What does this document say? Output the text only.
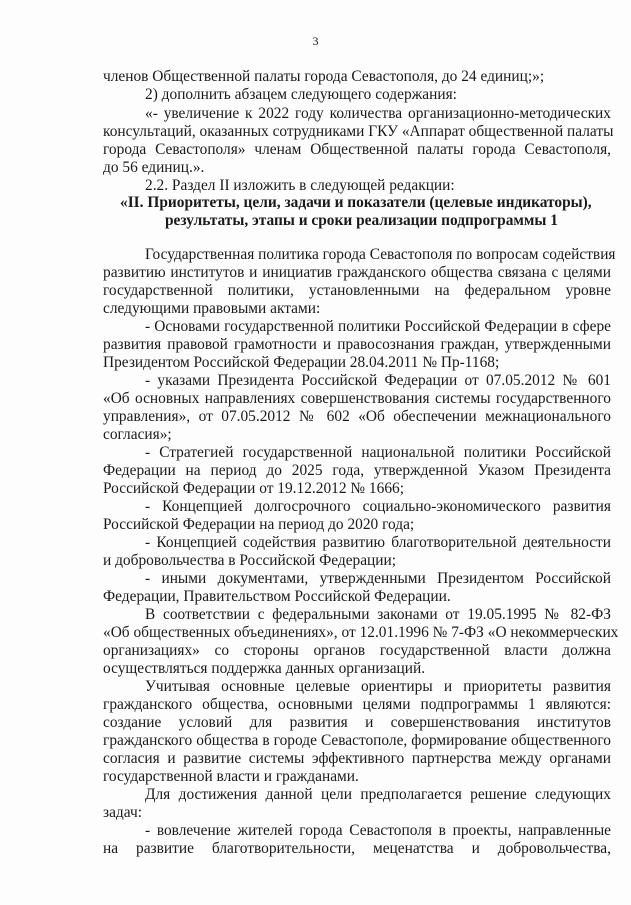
3
членов Общественной палаты города Севастополя, до 24 единиц;»;
2) дополнить абзацем следующего содержания:
«- увеличение к 2022 году количества организационно-методических
консультаций, оказанных сотрудниками ГКУ «Аппарат общественной палаты
города Севастополя» членам Общественной палаты города Севастополя,
до 56 единиц.».
2.2. Раздел II изложить в следующей редакции:
«II. Приоритеты, цели, задачи и показатели (целевые индикаторы),
результаты, этапы и сроки реализации подпрограммы 1
Государственная политика города Севастополя по вопросам содействия
развитию институтов и инициатив гражданского общества связана с целями
государственной политики, установленными на федеральном уровне
следующими правовыми актами:
- Основами государственной политики Российской Федерации в сфере
развития правовой грамотности и правосознания граждан, утвержденными
Президентом Российской Федерации 28.04.2011 № Пр-1168;
- указами Президента Российской Федерации от 07.05.2012 № 601
«Об основных направлениях совершенствования системы государственного
управления», от 07.05.2012 № 602 «Об обеспечении межнационального
согласия»;
- Стратегией государственной национальной политики Российской
Федерации на период до 2025 года, утвержденной Указом Президента
Российской Федерации от 19.12.2012 № 1666;
- Концепцией долгосрочного социально-экономического развития
Российской Федерации на период до 2020 года;
- Концепцией содействия развитию благотворительной деятельности
и добровольчества в Российской Федерации;
- иными документами, утвержденными Президентом Российской
Федерации, Правительством Российской Федерации.
В соответствии с федеральными законами от 19.05.1995 № 82-ФЗ
«Об общественных объединениях», от 12.01.1996 № 7-ФЗ «О некоммерческих
организациях» со стороны органов государственной власти должна
осуществляться поддержка данных организаций.
Учитывая основные целевые ориентиры и приоритеты развития
гражданского общества, основными целями подпрограммы 1 являются:
создание условий для развития и совершенствования институтов
гражданского общества в городе Севастополе, формирование общественного
согласия и развитие системы эффективного партнерства между органами
государственной власти и гражданами.
Для достижения данной цели предполагается решение следующих
задач:
- вовлечение жителей города Севастополя в проекты, направленные
на развитие благотворительности, меценатства и добровольчества,
